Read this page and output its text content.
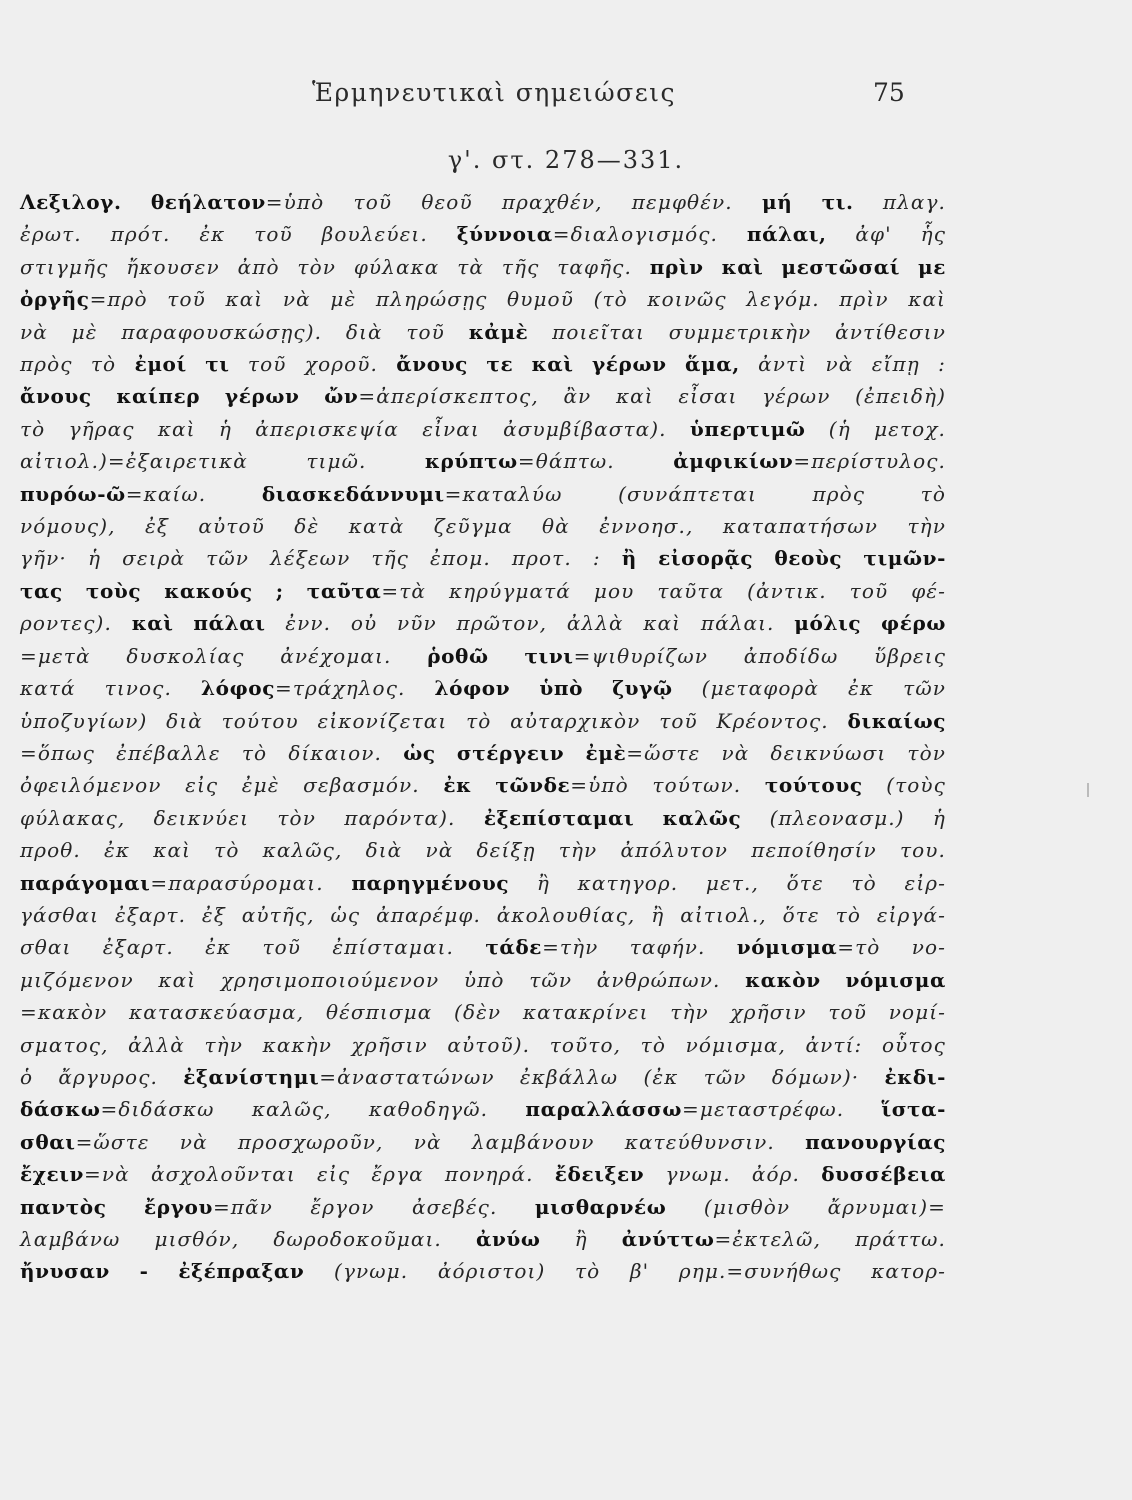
Ἑρμηνευτικαὶ σημειώσεις	75
γ'. στ. 278—331.
Λεξιλογ. θεήλατον=ὑπὸ τοῦ θεοῦ πραχθέν, πεμφθέν. μή τι. πλαγ.
ἐρωτ. πρότ. ἐκ τοῦ βουλεύει. ξύννοια=διαλογισμός. πάλαι, ἀφ' ἧς
στιγμῆς ἤκουσεν ἀπὸ τὸν φύλακα τὰ τῆς ταφῆς. πρὶν καὶ μεστῶσαί με
ὀργῆς=πρὸ τοῦ καὶ νὰ μὲ πληρώσῃς θυμοῦ (τὸ κοινῶς λεγόμ. πρὶν καὶ
νὰ μὲ παραφουσκώσῃς). διὰ τοῦ κἀμὲ ποιεῖται συμμετρικὴν ἀντίθεσιν
πρὸς τὸ ἐμοί τι τοῦ χοροῦ. ἄνους τε καὶ γέρων ἅμα, ἀντὶ νὰ εἴπῃ :
ἄνους καίπερ γέρων ὤν=ἀπερίσκεπτος, ἂν καὶ εἶσαι γέρων (ἐπειδὴ)
τὸ γῆρας καὶ ἡ ἀπερισκεψία εἶναι ἀσυμβίβαστα). ὑπερτιμῶ (ἡ μετοχ.
αἰτιολ.)=ἐξαιρετικὰ τιμῶ. κρύπτω=θάπτω. ἀμφικίων=περίστυλος.
πυρόω-ῶ=καίω. διασκεδάννυμι=καταλύω (συνάπτεται πρὸς τὸ
νόμους), ἐξ αὐτοῦ δὲ κατὰ ζεῦγμα θὰ ἐννοησ., καταπατήσων τὴν
γῆν· ἡ σειρὰ τῶν λέξεων τῆς ἐπομ. προτ. : ἢ εἰσορᾷς θεοὺς τιμῶν-
τας τοὺς κακούς ; ταῦτα=τὰ κηρύγματά μου ταῦτα (ἀντικ. τοῦ φέ-
ροντες). καὶ πάλαι ἐνν. οὐ νῦν πρῶτον, ἀλλὰ καὶ πάλαι. μόλις φέρω
=μετὰ δυσκολίας ἀνέχομαι. ῥοθῶ τινι=ψιθυρίζων ἀποδίδω ὕβρεις
κατά τινος. λόφος=τράχηλος. λόφον ὑπὸ ζυγῷ (μεταφορὰ ἐκ τῶν
ὑποζυγίων) διὰ τούτου εἰκονίζεται τὸ αὐταρχικὸν τοῦ Κρέοντος. δικαίως
=ὅπως ἐπέβαλλε τὸ δίκαιον. ὡς στέργειν ἐμὲ=ὥστε νὰ δεικνύωσι τὸν
ὀφειλόμενον εἰς ἐμὲ σεβασμόν. ἐκ τῶνδε=ὑπὸ τούτων. τούτους (τοὺς
φύλακας, δεικνύει τὸν παρόντα). ἐξεπίσταμαι καλῶς (πλεονασμ.) ἡ
προθ. ἐκ καὶ τὸ καλῶς, διὰ νὰ δείξῃ τὴν ἀπόλυτον πεποίθησίν του.
παράγομαι=παρασύρομαι. παρηγμένους ἢ κατηγορ. μετ., ὅτε τὸ εἰρ-
γάσθαι ἐξαρτ. ἐξ αὐτῆς, ὡς ἀπαρέμφ. ἀκολουθίας, ἢ αἰτιολ., ὅτε τὸ εἰργά-
σθαι ἐξαρτ. ἐκ τοῦ ἐπίσταμαι. τάδε=τὴν ταφήν. νόμισμα=τὸ νο-
μιζόμενον καὶ χρησιμοποιούμενον ὑπὸ τῶν ἀνθρώπων. κακὸν νόμισμα
=κακὸν κατασκεύασμα, θέσπισμα (δὲν κατακρίνει τὴν χρῆσιν τοῦ νομί-
σματος, ἀλλὰ τὴν κακὴν χρῆσιν αὐτοῦ). τοῦτο, τὸ νόμισμα, ἀντί: οὗτος
ὁ ἄργυρος. ἐξανίστημι=ἀναστατώνων ἐκβάλλω (ἐκ τῶν δόμων)· ἐκδι-
δάσκω=διδάσκω καλῶς, καθοδηγῶ. παραλλάσσω=μεταστρέφω. ἵστα-
σθαι=ὥστε νὰ προσχωροῦν, νὰ λαμβάνουν κατεύθυνσιν. πανουργίας
ἔχειν=νὰ ἀσχολοῦνται εἰς ἔργα πονηρά. ἔδειξεν γνωμ. ἀόρ. δυσσέβεια
παντὸς ἔργου=πᾶν ἔργον ἀσεβές. μισθαρνέω (μισθὸν ἄρνυμαι)=
λαμβάνω μισθόν, δωροδοκοῦμαι. ἀνύω ἢ ἀνύττω=ἐκτελῶ, πράττω.
ἤνυσαν - ἐξέπραξαν (γνωμ. ἀόριστοι) τὸ β' ρημ.=συνήθως κατορ-
